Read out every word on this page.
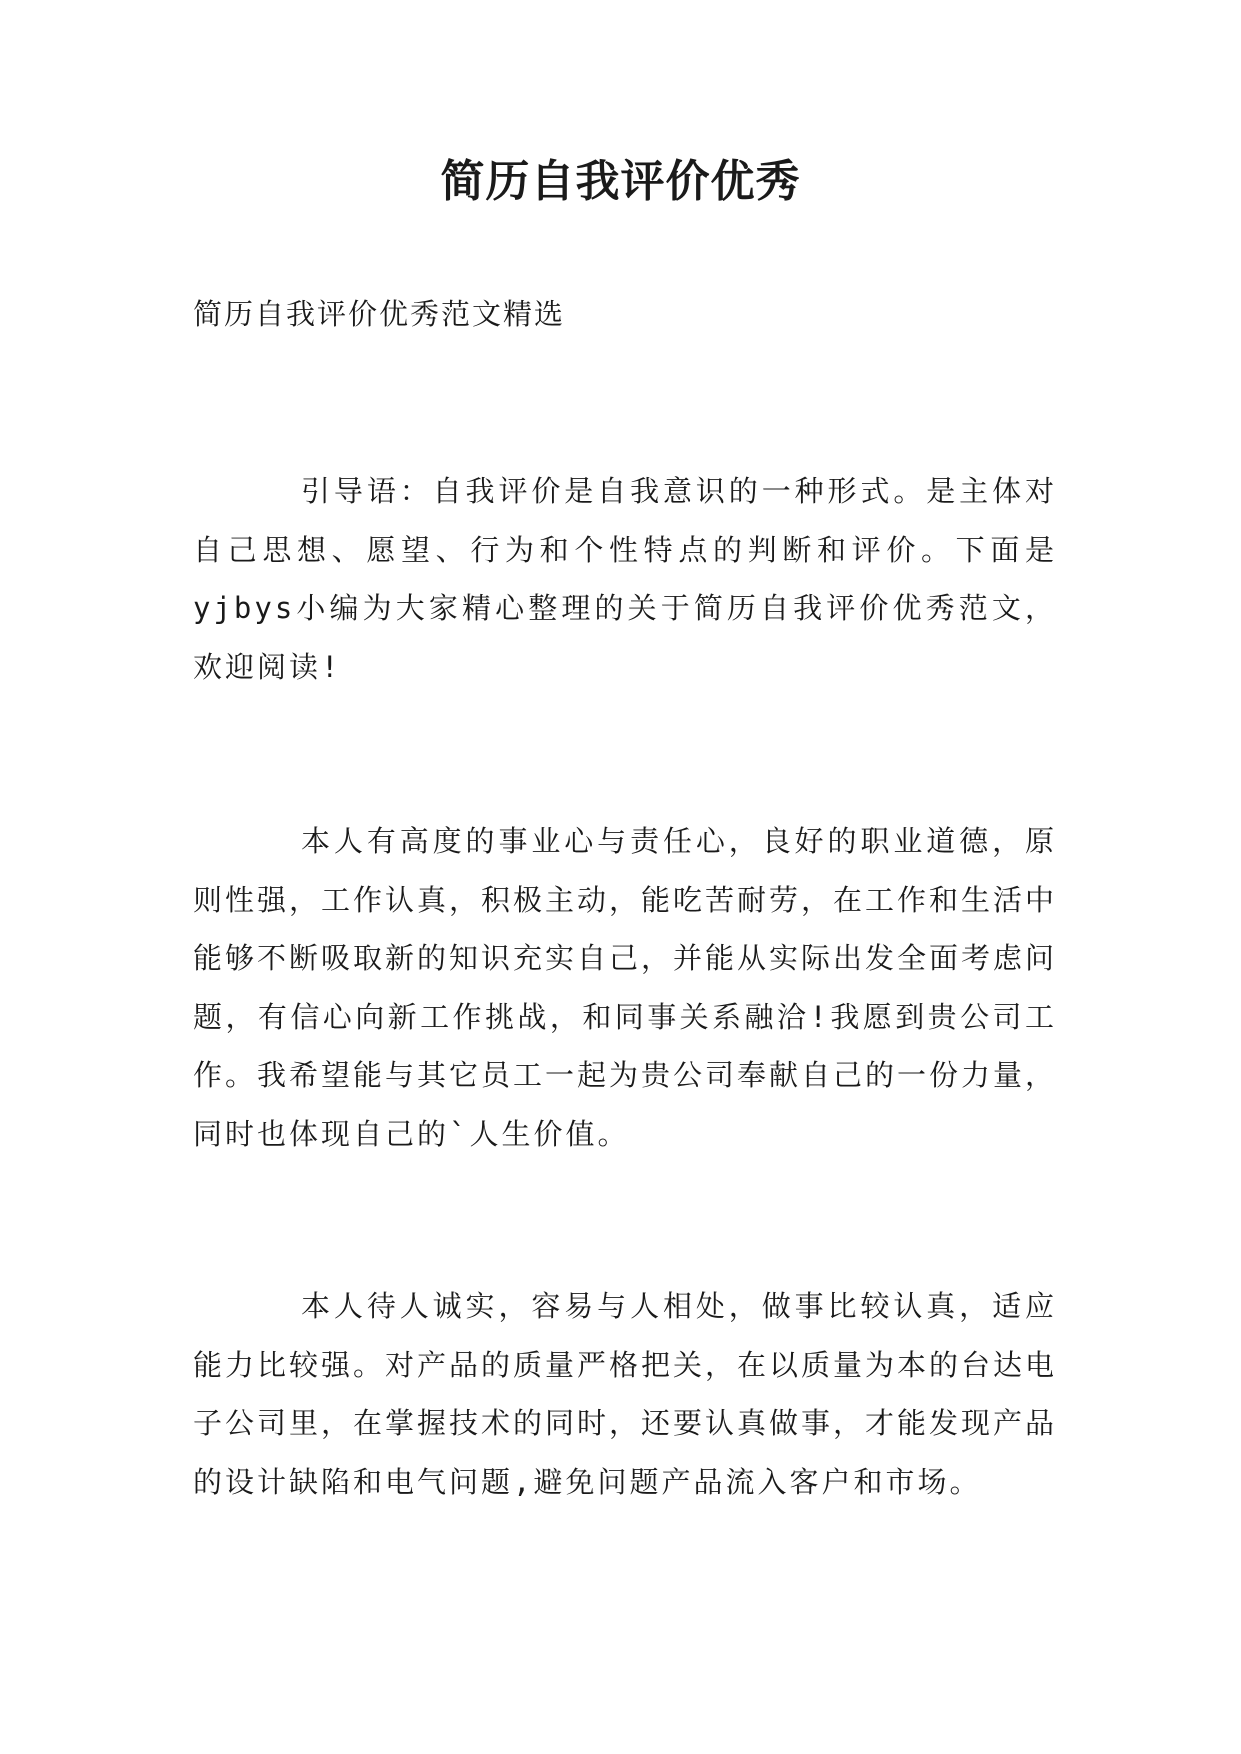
简历自我评价优秀

简历自我评价优秀范文精选

引导语：自我评价是自我意识的一种形式。是主体对自己思想、愿望、行为和个性特点的判断和评价。下面是yjbys小编为大家精心整理的关于简历自我评价优秀范文，欢迎阅读!

本人有高度的事业心与责任心，良好的职业道德，原则性强，工作认真，积极主动，能吃苦耐劳，在工作和生活中能够不断吸取新的知识充实自己，并能从实际出发全面考虑问题，有信心向新工作挑战，和同事关系融洽!我愿到贵公司工作。我希望能与其它员工一起为贵公司奉献自己的一份力量，同时也体现自己的`人生价值。

本人待人诚实，容易与人相处，做事比较认真，适应能力比较强。对产品的质量严格把关，在以质量为本的台达电子公司里，在掌握技术的同时，还要认真做事，才能发现产品的设计缺陷和电气问题,避免问题产品流入客户和市场。
